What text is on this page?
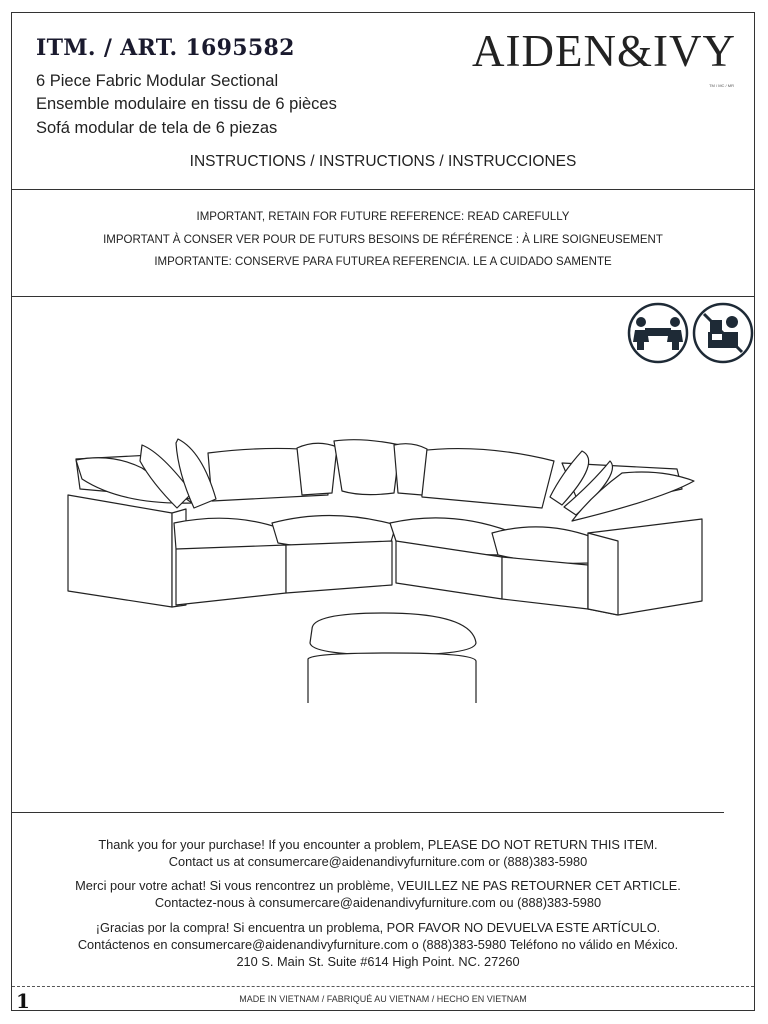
ITM. / ART. 1695582
6 Piece Fabric Modular Sectional
Ensemble modulaire en tissu de 6 pièces
Sofá modular de tela de 6 piezas
AIDEN&IVY
TM / MC / MR
INSTRUCTIONS / INSTRUCTIONS / INSTRUCCIONES
IMPORTANT, RETAIN FOR FUTURE REFERENCE: READ CAREFULLY
IMPORTANT À CONSER VER POUR DE FUTURS BESOINS DE RÉFÉRENCE : À LIRE SOIGNEUSEMENT
IMPORTANTE: CONSERVE PARA FUTUREA REFERENCIA. LE A CUIDADO SAMENTE
Thank you for your purchase! If you encounter a problem, PLEASE DO NOT RETURN THIS ITEM.
Contact us at consumercare@aidenandivyfurniture.com or (888)383-5980
Merci pour votre achat! Si vous rencontrez un problème, VEUILLEZ NE PAS RETOURNER CET ARTICLE.
Contactez-nous à consumercare@aidenandivyfurniture.com ou (888)383-5980
¡Gracias por la compra! Si encuentra un problema, POR FAVOR NO DEVUELVA ESTE ARTÍCULO.
Contáctenos en consumercare@aidenandivyfurniture.com o (888)383-5980 Teléfono no válido en México.
210 S. Main St. Suite #614 High Point. NC. 27260
1	MADE IN VIETNAM / FABRIQUÉ AU VIETNAM / HECHO EN VIETNAM
